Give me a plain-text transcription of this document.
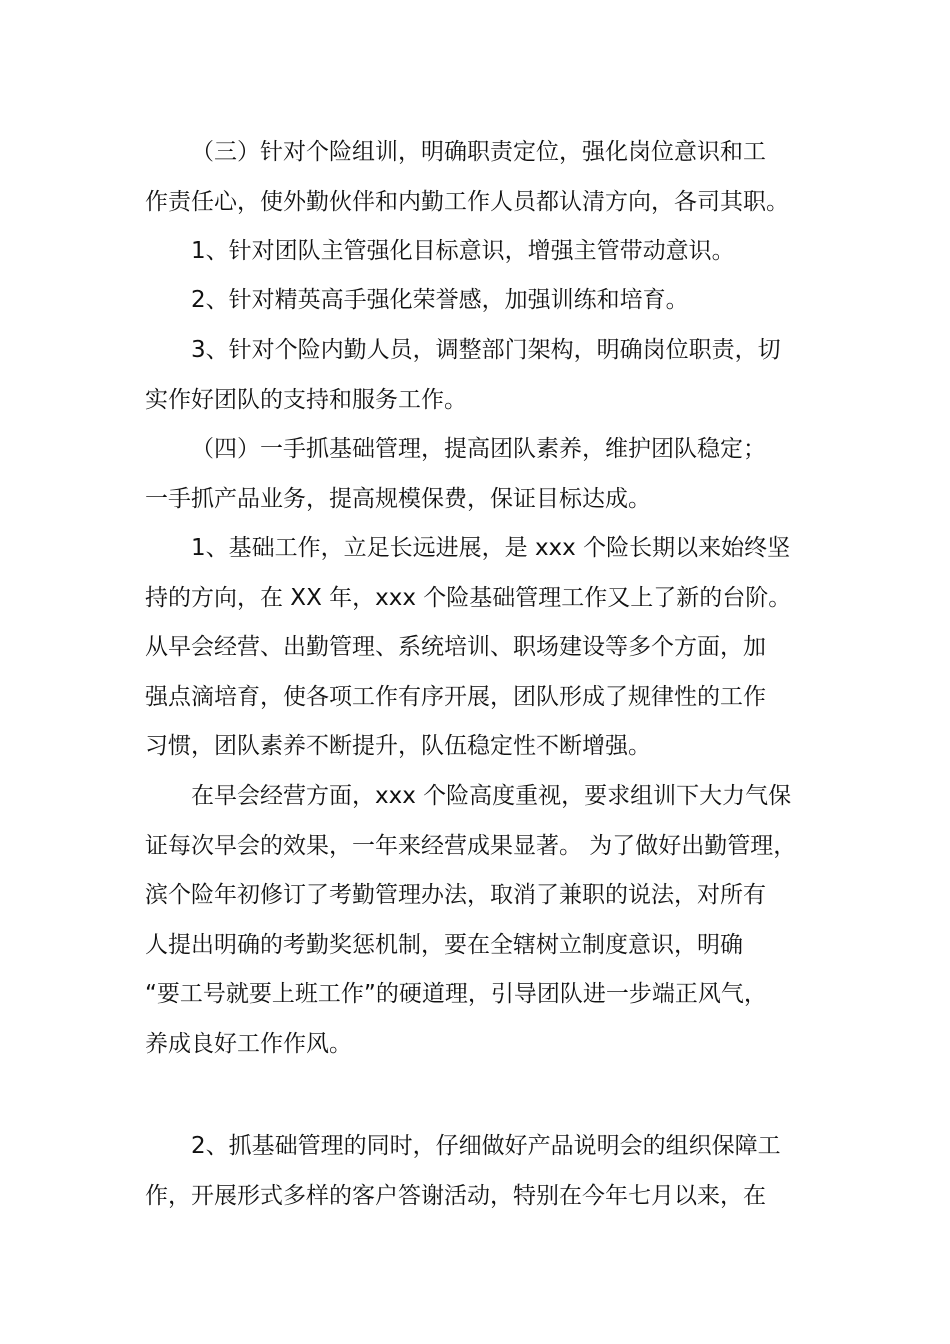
（三）针对个险组训，明确职责定位，强化岗位意识和工
作责任心，使外勤伙伴和内勤工作人员都认清方向，各司其职。
1、针对团队主管强化目标意识，增强主管带动意识。
2、针对精英高手强化荣誉感，加强训练和培育。
3、针对个险内勤人员，调整部门架构，明确岗位职责，切
实作好团队的支持和服务工作。
（四）一手抓基础管理，提高团队素养，维护团队稳定；
一手抓产品业务，提高规模保费，保证目标达成。
1、基础工作，立足长远进展，是 xxx 个险长期以来始终坚
持的方向，在 XX 年，xxx 个险基础管理工作又上了新的台阶。
从早会经营、出勤管理、系统培训、职场建设等多个方面，加
强点滴培育，使各项工作有序开展，团队形成了规律性的工作
习惯，团队素养不断提升，队伍稳定性不断增强。
在早会经营方面，xxx 个险高度重视，要求组训下大力气保
证每次早会的效果，一年来经营成果显著。 为了做好出勤管理，
滨个险年初修订了考勤管理办法，取消了兼职的说法，对所有
人提出明确的考勤奖惩机制，要在全辖树立制度意识，明确
“要工号就要上班工作”的硬道理，引导团队进一步端正风气，
养成良好工作作风。
2、抓基础管理的同时，仔细做好产品说明会的组织保障工
作，开展形式多样的客户答谢活动，特别在今年七月以来，在
